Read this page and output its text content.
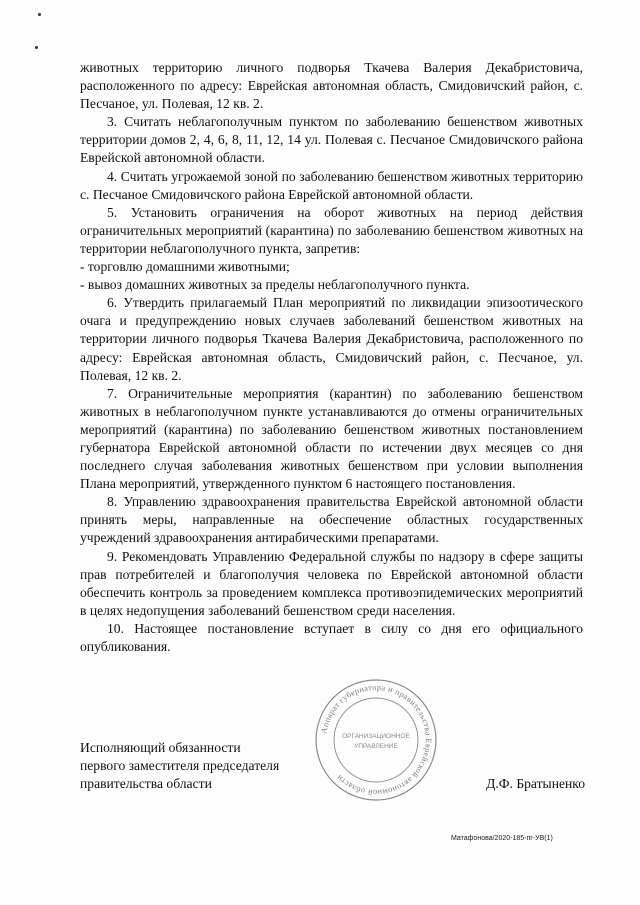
животных территорию личного подворья Ткачева Валерия Декабристовича, расположенного по адресу: Еврейская автономная область, Смидовичский район, с. Песчаное, ул. Полевая, 12 кв. 2.

3. Считать неблагополучным пунктом по заболеванию бешенством животных территории домов 2, 4, 6, 8, 11, 12, 14 ул. Полевая с. Песчаное Смидовичского района Еврейской автономной области.

4. Считать угрожаемой зоной по заболеванию бешенством животных территорию с. Песчаное Смидовичского района Еврейской автономной области.

5. Установить ограничения на оборот животных на период действия ограничительных мероприятий (карантина) по заболеванию бешенством животных на территории неблагополучного пункта, запретив:

- торговлю домашними животными;

- вывоз домашних животных за пределы неблагополучного пункта.

6. Утвердить прилагаемый План мероприятий по ликвидации эпизоотического очага и предупреждению новых случаев заболеваний бешенством животных на территории личного подворья Ткачева Валерия Декабристовича, расположенного по адресу: Еврейская автономная область, Смидовичский район, с. Песчаное, ул. Полевая, 12 кв. 2.

7. Ограничительные мероприятия (карантин) по заболеванию бешенством животных в неблагополучном пункте устанавливаются до отмены ограничительных мероприятий (карантина) по заболеванию бешенством животных постановлением губернатора Еврейской автономной области по истечении двух месяцев со дня последнего случая заболевания животных бешенством при условии выполнения Плана мероприятий, утвержденного пунктом 6 настоящего постановления.

8. Управлению здравоохранения правительства Еврейской автономной области принять меры, направленные на обеспечение областных государственных учреждений здравоохранения антирабическими препаратами.

9. Рекомендовать Управлению Федеральной службы по надзору в сфере защиты прав потребителей и благополучия человека по Еврейской автономной области обеспечить контроль за проведением комплекса противоэпидемических мероприятий в целях недопущения заболеваний бешенством среди населения.

10. Настоящее постановление вступает в силу со дня его официального опубликования.

Аппарат губернатора и правительства Еврейской автономной области
ОРГАНИЗАЦИОННОЕ
УПРАВЛЕНИЕ
Исполняющий обязанности
первого заместителя председателя
правительства области	Д.Ф. Братыненко
Матафонова/2020-185-пг-УВ(1)
